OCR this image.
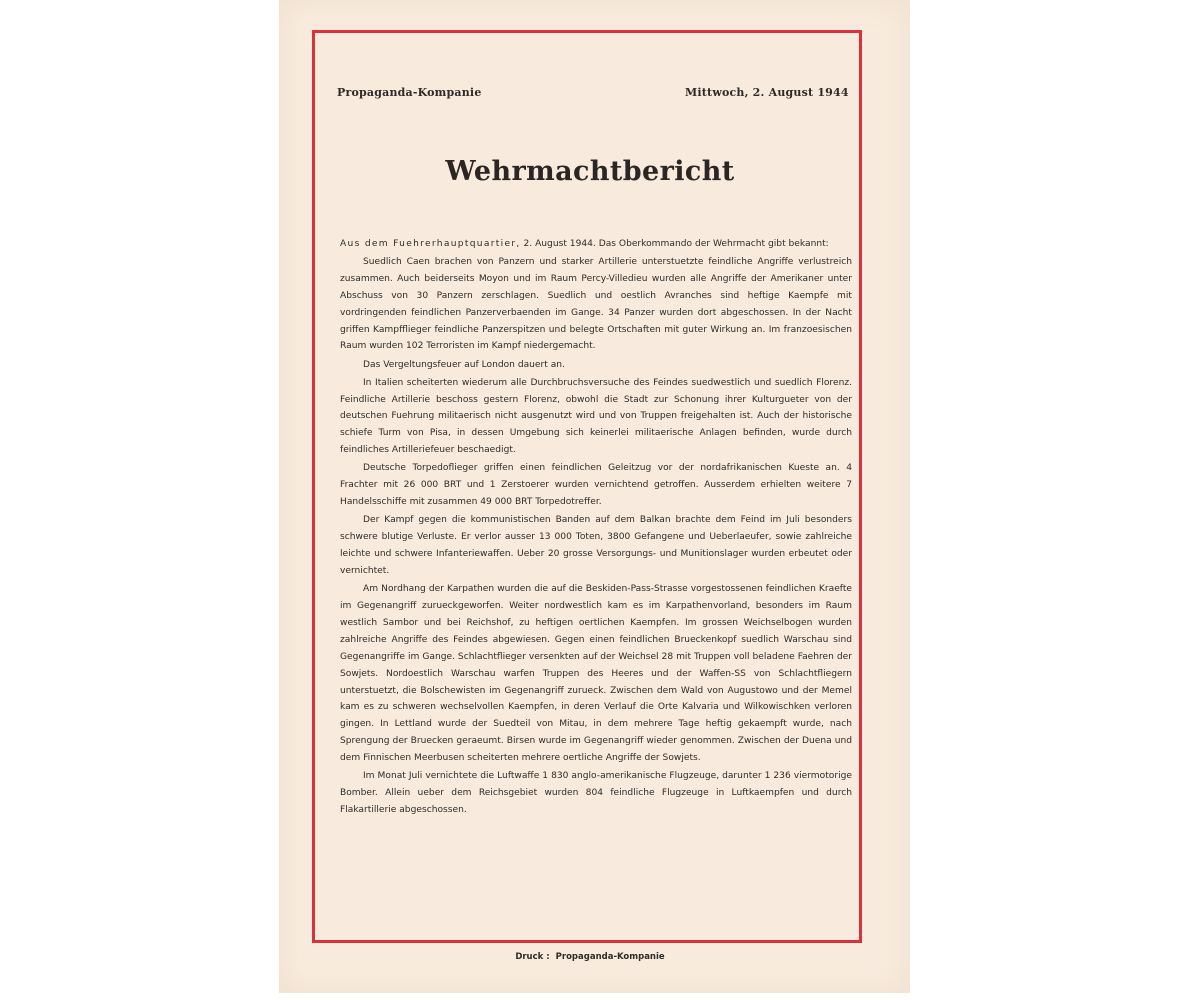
Propaganda-Kompanie	Mittwoch, 2. August 1944
Wehrmachtbericht

Aus dem Fuehrerhauptquartier, 2. August 1944. Das Oberkommando der Wehrmacht gibt bekannt:

Suedlich Caen brachen von Panzern und starker Artillerie unterstuetzte feindliche Angriffe verlustreich zusammen. Auch beiderseits Moyon und im Raum Percy-Villedieu wurden alle Angriffe der Amerikaner unter Abschuss von 30 Panzern zerschlagen. Suedlich und oestlich Avranches sind heftige Kaempfe mit vordringenden feindlichen Panzerverbaenden im Gange. 34 Panzer wurden dort abgeschossen. In der Nacht griffen Kampfflieger feindliche Panzerspitzen und belegte Ortschaften mit guter Wirkung an. Im franzoesischen Raum wurden 102 Terroristen im Kampf niedergemacht.

Das Vergeltungsfeuer auf London dauert an.

In Italien scheiterten wiederum alle Durchbruchsversuche des Feindes suedwestlich und suedlich Florenz. Feindliche Artillerie beschoss gestern Florenz, obwohl die Stadt zur Schonung ihrer Kulturgueter von der deutschen Fuehrung militaerisch nicht ausgenutzt wird und von Truppen freigehalten ist. Auch der historische schiefe Turm von Pisa, in dessen Umgebung sich keinerlei militaerische Anlagen befinden, wurde durch feindliches Artilleriefeuer beschaedigt.

Deutsche Torpedoflieger griffen einen feindlichen Geleitzug vor der nordafrikanischen Kueste an. 4 Frachter mit 26 000 BRT und 1 Zerstoerer wurden vernichtend getroffen. Ausserdem erhielten weitere 7 Handelsschiffe mit zusammen 49 000 BRT Torpedotreffer.

Der Kampf gegen die kommunistischen Banden auf dem Balkan brachte dem Feind im Juli besonders schwere blutige Verluste. Er verlor ausser 13 000 Toten, 3800 Gefangene und Ueberlaeufer, sowie zahlreiche leichte und schwere Infanteriewaffen. Ueber 20 grosse Versorgungs- und Munitionslager wurden erbeutet oder vernichtet.

Am Nordhang der Karpathen wurden die auf die Beskiden-Pass-Strasse vorgestossenen feindlichen Kraefte im Gegenangriff zurueckgeworfen. Weiter nordwestlich kam es im Karpathenvorland, besonders im Raum westlich Sambor und bei Reichshof, zu heftigen oertlichen Kaempfen. Im grossen Weichselbogen wurden zahlreiche Angriffe des Feindes abgewiesen. Gegen einen feindlichen Brueckenkopf suedlich Warschau sind Gegenangriffe im Gange. Schlachtflieger versenkten auf der Weichsel 28 mit Truppen voll beladene Faehren der Sowjets. Nordoestlich Warschau warfen Truppen des Heeres und der Waffen-SS von Schlachtfliegern unterstuetzt, die Bolschewisten im Gegenangriff zurueck. Zwischen dem Wald von Augustowo und der Memel kam es zu schweren wechselvollen Kaempfen, in deren Verlauf die Orte Kalvaria und Wilkowischken verloren gingen. In Lettland wurde der Suedteil von Mitau, in dem mehrere Tage heftig gekaempft wurde, nach Sprengung der Bruecken geraeumt. Birsen wurde im Gegenangriff wieder genommen. Zwischen der Duena und dem Finnischen Meerbusen scheiterten mehrere oertliche Angriffe der Sowjets.

Im Monat Juli vernichtete die Luftwaffe 1 830 anglo-amerikanische Flugzeuge, darunter 1 236 viermotorige Bomber. Allein ueber dem Reichsgebiet wurden 804 feindliche Flugzeuge in Luftkaempfen und durch Flakartillerie abgeschossen.

Druck : Propaganda-Kompanie
